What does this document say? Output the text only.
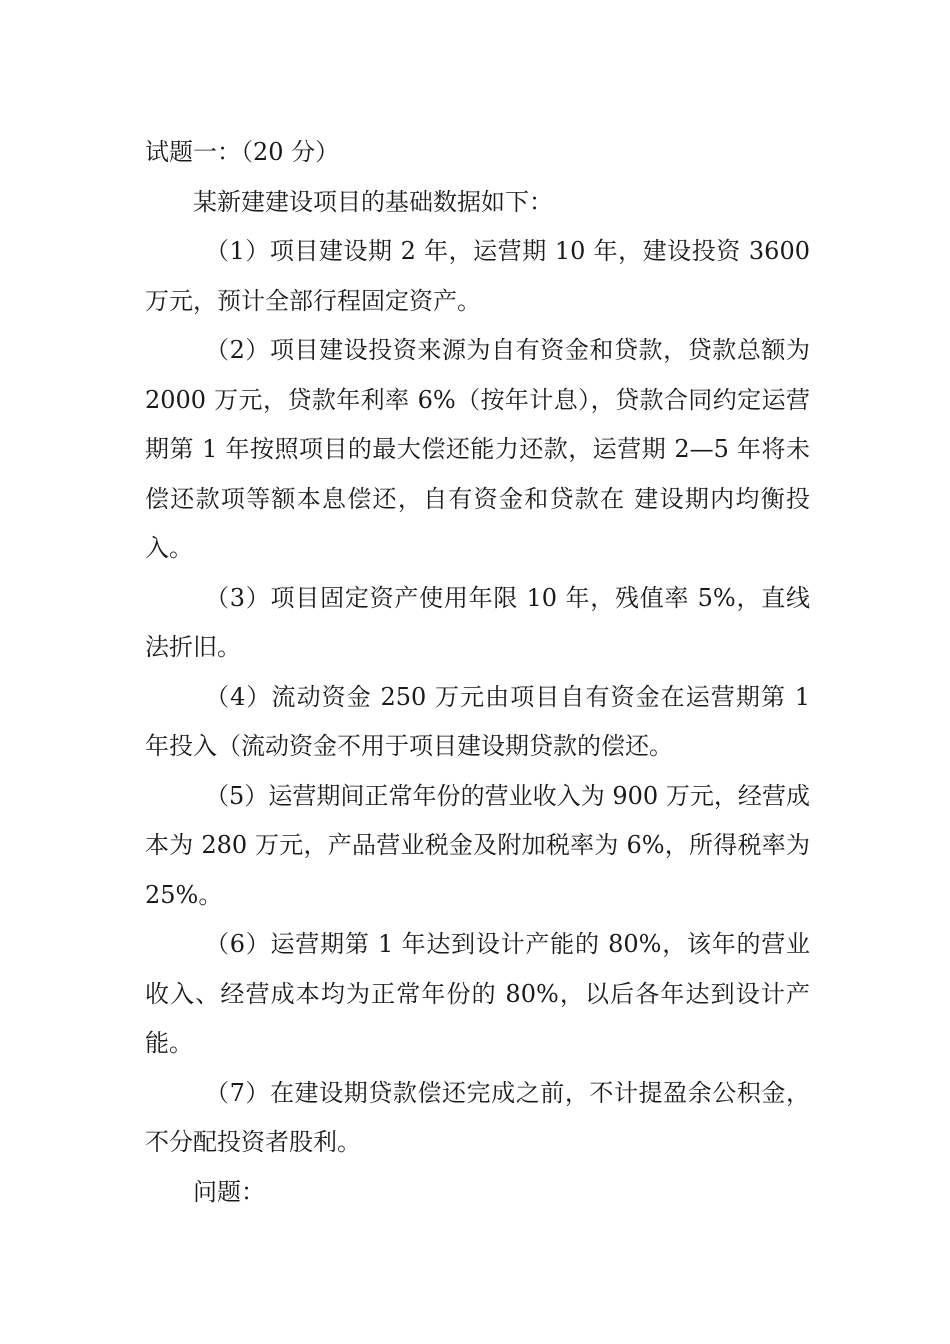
试题一：（20 分）

某新建建设项目的基础数据如下：

（1）项目建设期 2 年，运营期 10 年，建设投资 3600 万元，预计全部行程固定资产。

（2）项目建设投资来源为自有资金和贷款，贷款总额为 2000 万元，贷款年利率 6%（按年计息），贷款合同约定运营期第 1 年按照项目的最大偿还能力还款，运营期 2—5 年将未偿还款项等额本息偿还，自有资金和贷款在 建设期内均衡投入。

（3）项目固定资产使用年限 10 年，残值率 5%，直线法折旧。

（4）流动资金 250 万元由项目自有资金在运营期第 1 年投入（流动资金不用于项目建设期贷款的偿还。

（5）运营期间正常年份的营业收入为 900 万元，经营成本为 280 万元，产品营业税金及附加税率为 6%，所得税率为 25%。

（6）运营期第 1 年达到设计产能的 80%，该年的营业收入、经营成本均为正常年份的 80%，以后各年达到设计产能。

（7）在建设期贷款偿还完成之前，不计提盈余公积金，不分配投资者股利。

问题：
